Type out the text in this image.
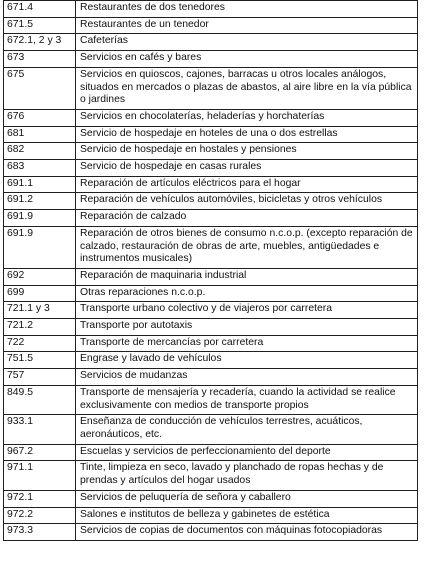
671.4	Restaurantes de dos tenedores
671.5	Restaurantes de un tenedor
672.1, 2 y 3	Cafeterías
673	Servicios en cafés y bares
675	Servicios en quioscos, cajones, barracas u otros locales análogos, situados en mercados o plazas de abastos, al aire libre en la vía pública o jardines
676	Servicios en chocolaterías, heladerías y horchaterías
681	Servicio de hospedaje en hoteles de una o dos estrellas
682	Servicio de hospedaje en hostales y pensiones
683	Servicio de hospedaje en casas rurales
691.1	Reparación de artículos eléctricos para el hogar
691.2	Reparación de vehículos automóviles, bicicletas y otros vehículos
691.9	Reparación de calzado
691.9	Reparación de otros bienes de consumo n.c.o.p. (excepto reparación de calzado, restauración de obras de arte, muebles, antigüedades e instrumentos musicales)
692	Reparación de maquinaria industrial
699	Otras reparaciones n.c.o.p.
721.1 y 3	Transporte urbano colectivo y de viajeros por carretera
721.2	Transporte por autotaxis
722	Transporte de mercancías por carretera
751.5	Engrase y lavado de vehículos
757	Servicios de mudanzas
849.5	Transporte de mensajería y recadería, cuando la actividad se realice exclusivamente con medios de transporte propios
933.1	Enseñanza de conducción de vehículos terrestres, acuáticos, aeronáuticos, etc.
967.2	Escuelas y servicios de perfeccionamiento del deporte
971.1	Tinte, limpieza en seco, lavado y planchado de ropas hechas y de prendas y artículos del hogar usados
972.1	Servicios de peluquería de señora y caballero
972.2	Salones e institutos de belleza y gabinetes de estética
973.3	Servicios de copias de documentos con máquinas fotocopiadoras
